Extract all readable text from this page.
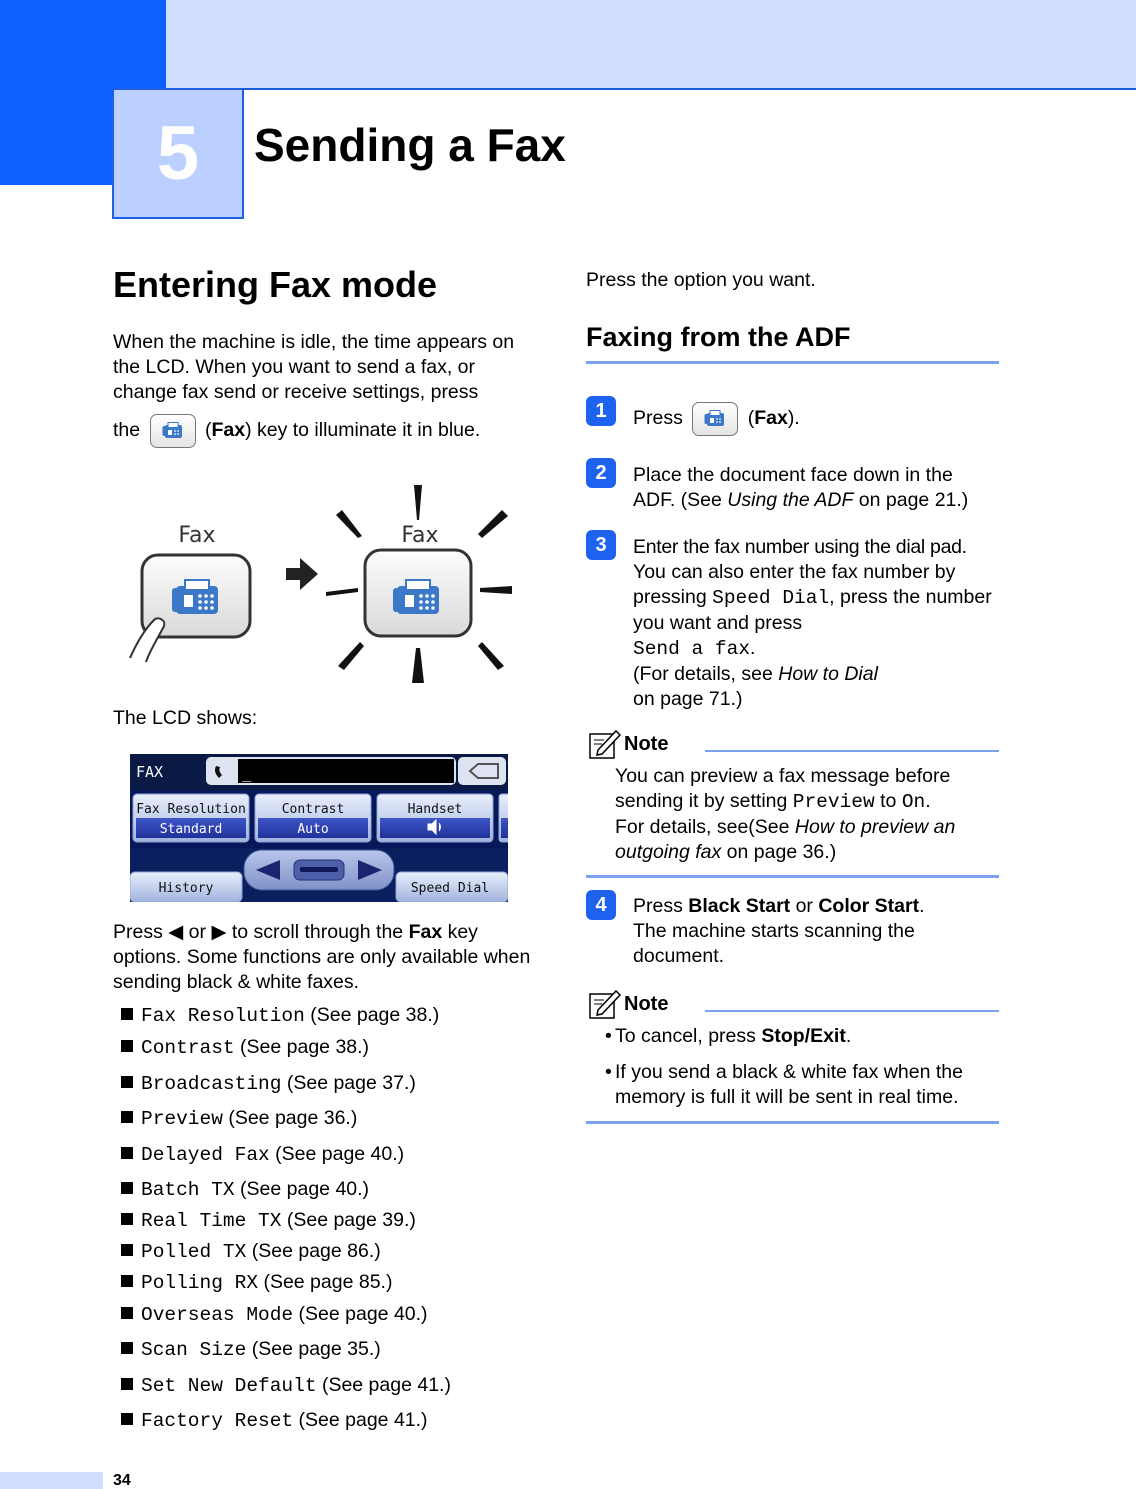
5 Sending a Fax
Entering Fax mode

When the machine is idle, the time appears on the LCD. When you want to send a fax, or change fax send or receive settings, press

the	(Fax) key to illuminate it in blue.

Fax	Fax

The LCD shows:

FAX	_
Fax Resolution
Standard
Contrast
Auto
Handset
History	Speed Dial

Press ◀ or ▶ to scroll through the Fax key options. Some functions are only available when sending black & white faxes.

Fax Resolution (See page 38.)
Contrast (See page 38.)
Broadcasting (See page 37.)
Preview (See page 36.)
Delayed Fax (See page 40.)
Batch TX (See page 40.)
Real Time TX (See page 39.)
Polled TX (See page 86.)
Polling RX (See page 85.)
Overseas Mode (See page 40.)
Scan Size (See page 35.)
Set New Default (See page 41.)
Factory Reset (See page 41.)

Press the option you want.

Faxing from the ADF
1	Press	(Fax).

2	Place the document face down in the ADF. (See Using the ADF on page 21.)

3	Enter the fax number using the dial pad.
You can also enter the fax number by pressing Speed Dial, press the number you want and press
Send a fax.
(For details, see How to Dial
on page 71.)
Note
You can preview a fax message before sending it by setting Preview to On.
For details, see(See How to preview an outgoing fax on page 36.)
4	Press Black Start or Color Start.
The machine starts scanning the document.
Note
• To cancel, press Stop/Exit.
• If you send a black & white fax when the memory is full it will be sent in real time.
34
